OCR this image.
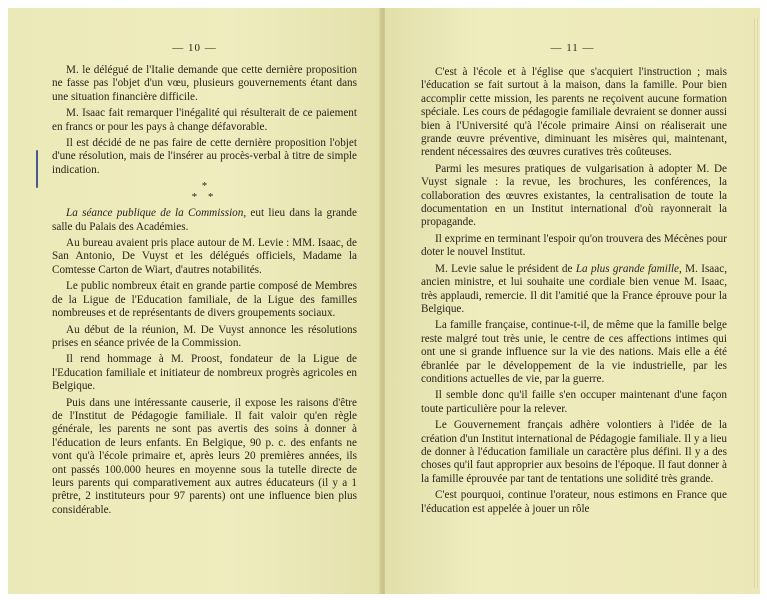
— 10 —

M. le délégué de l'Italie demande que cette dernière proposition ne fasse pas l'objet d'un vœu, plusieurs gouvernements étant dans une situation financière difficile.

M. Isaac fait remarquer l'inégalité qui résulterait de ce paiement en francs or pour les pays à change défavorable.

Il est décidé de ne pas faire de cette dernière proposition l'objet d'une résolution, mais de l'insérer au procès-verbal à titre de simple indication.

*
* *

La séance publique de la Commission, eut lieu dans la grande salle du Palais des Académies.

Au bureau avaient pris place autour de M. Levie : MM. Isaac, de San Antonio, De Vuyst et les délégués officiels, Madame la Comtesse Carton de Wiart, d'autres notabilités.

Le public nombreux était en grande partie composé de Membres de la Ligue de l'Education familiale, de la Ligue des familles nombreuses et de représentants de divers groupements sociaux.

Au début de la réunion, M. De Vuyst annonce les résolutions prises en séance privée de la Commission.

Il rend hommage à M. Proost, fondateur de la Ligue de l'Education familiale et initiateur de nombreux progrès agricoles en Belgique.

Puis dans une intéressante causerie, il expose les raisons d'être de l'Institut de Pédagogie familiale. Il fait valoir qu'en règle générale, les parents ne sont pas avertis des soins à donner à l'éducation de leurs enfants. En Belgique, 90 p. c. des enfants ne vont qu'à l'école primaire et, après leurs 20 premières années, ils ont passés 100.000 heures en moyenne sous la tutelle directe de leurs parents qui comparativement aux autres éducateurs (il y a 1 prêtre, 2 instituteurs pour 97 parents) ont une influence bien plus considérable.

— 11 —

C'est à l'école et à l'église que s'acquiert l'instruction ; mais l'éducation se fait surtout à la maison, dans la famille. Pour bien accomplir cette mission, les parents ne reçoivent aucune formation spéciale. Les cours de pédagogie familiale devraient se donner aussi bien à l'Université qu'à l'école primaire Ainsi on réaliserait une grande œuvre préventive, diminuant les misères qui, maintenant, rendent nécessaires des œuvres curatives très coûteuses.

Parmi les mesures pratiques de vulgarisation à adopter M. De Vuyst signale : la revue, les brochures, les conférences, la collaboration des œuvres existantes, la centralisation de toute la documentation en un Institut international d'où rayonnerait la propagande.

Il exprime en terminant l'espoir qu'on trouvera des Mécènes pour doter le nouvel Institut.

M. Levie salue le président de La plus grande famille, M. Isaac, ancien ministre, et lui souhaite une cordiale bien venue M. Isaac, très applaudi, remercie. Il dit l'amitié que la France éprouve pour la Belgique.

La famille française, continue-t-il, de même que la famille belge reste malgré tout très unie, le centre de ces affections intimes qui ont une si grande influence sur la vie des nations. Mais elle a été ébranlée par le développement de la vie industrielle, par les conditions actuelles de vie, par la guerre.

Il semble donc qu'il faille s'en occuper maintenant d'une façon toute particulière pour la relever.

Le Gouvernement français adhère volontiers à l'idée de la création d'un Institut international de Pédagogie familiale. Il y a lieu de donner à l'éducation familiale un caractère plus défini. Il y a des choses qu'il faut approprier aux besoins de l'époque. Il faut donner à la famille éprouvée par tant de tentations une solidité très grande.

C'est pourquoi, continue l'orateur, nous estimons en France que l'éducation est appelée à jouer un rôle
